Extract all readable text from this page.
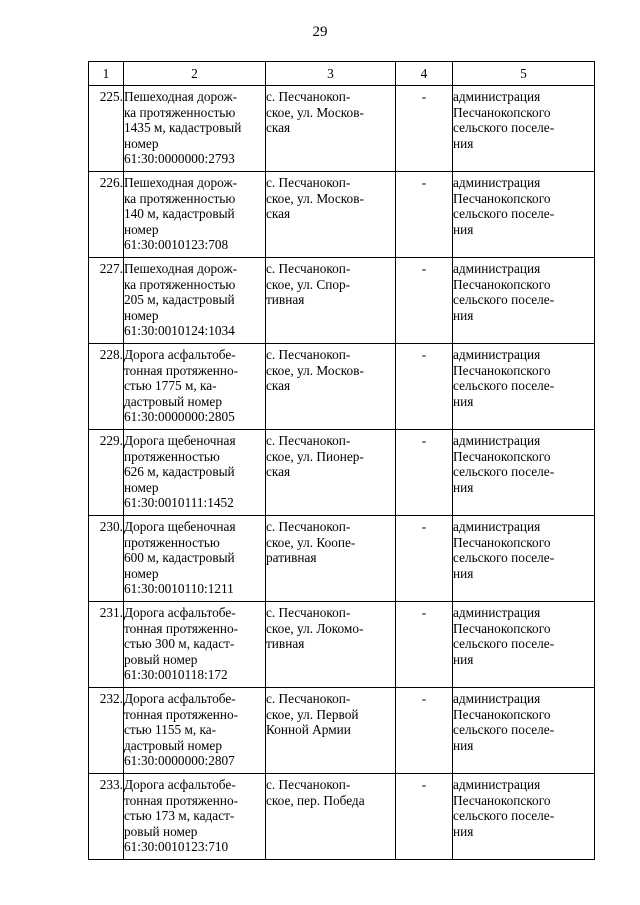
29
1	2	3	4	5
225.	Пешеходная дорож-
ка протяженностью
1435 м, кадастровый
номер
61:30:0000000:2793	с. Песчанокоп-
ское, ул. Москов-
ская	-	администрация
Песчанокопского
сельского поселе-
ния
226.	Пешеходная дорож-
ка протяженностью
140 м, кадастровый
номер
61:30:0010123:708	с. Песчанокоп-
ское, ул. Москов-
ская	-	администрация
Песчанокопского
сельского поселе-
ния
227.	Пешеходная дорож-
ка протяженностью
205 м, кадастровый
номер
61:30:0010124:1034	с. Песчанокоп-
ское, ул. Спор-
тивная	-	администрация
Песчанокопского
сельского поселе-
ния
228.	Дорога асфальтобе-
тонная протяженно-
стью 1775 м, ка-
дастровый номер
61:30:0000000:2805	с. Песчанокоп-
ское, ул. Москов-
ская	-	администрация
Песчанокопского
сельского поселе-
ния
229.	Дорога щебеночная
протяженностью
626 м, кадастровый
номер
61:30:0010111:1452	с. Песчанокоп-
ское, ул. Пионер-
ская	-	администрация
Песчанокопского
сельского поселе-
ния
230.	Дорога щебеночная
протяженностью
600 м, кадастровый
номер
61:30:0010110:1211	с. Песчанокоп-
ское, ул. Коопе-
ративная	-	администрация
Песчанокопского
сельского поселе-
ния
231.	Дорога асфальтобе-
тонная протяженно-
стью 300 м, кадаст-
ровый номер
61:30:0010118:172	с. Песчанокоп-
ское, ул. Локомо-
тивная	-	администрация
Песчанокопского
сельского поселе-
ния
232.	Дорога асфальтобе-
тонная протяженно-
стью 1155 м, ка-
дастровый номер
61:30:0000000:2807	с. Песчанокоп-
ское, ул. Первой
Конной Армии	-	администрация
Песчанокопского
сельского поселе-
ния
233.	Дорога асфальтобе-
тонная протяженно-
стью 173 м, кадаст-
ровый номер
61:30:0010123:710	с. Песчанокоп-
ское, пер. Победа	-	администрация
Песчанокопского
сельского поселе-
ния
